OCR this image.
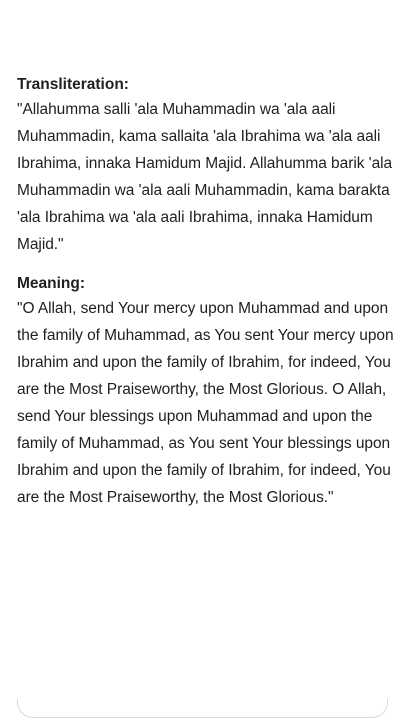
Transliteration:

"Allahumma salli 'ala Muhammadin wa 'ala aali Muhammadin, kama sallaita 'ala Ibrahima wa 'ala aali Ibrahima, innaka Hamidum Majid. Allahumma barik 'ala Muhammadin wa 'ala aali Muhammadin, kama barakta 'ala Ibrahima wa 'ala aali Ibrahima, innaka Hamidum Majid."

Meaning:

"O Allah, send Your mercy upon Muhammad and upon the family of Muhammad, as You sent Your mercy upon Ibrahim and upon the family of Ibrahim, for indeed, You are the Most Praiseworthy, the Most Glorious. O Allah, send Your blessings upon Muhammad and upon the family of Muhammad, as You sent Your blessings upon Ibrahim and upon the family of Ibrahim, for indeed, You are the Most Praiseworthy, the Most Glorious."
